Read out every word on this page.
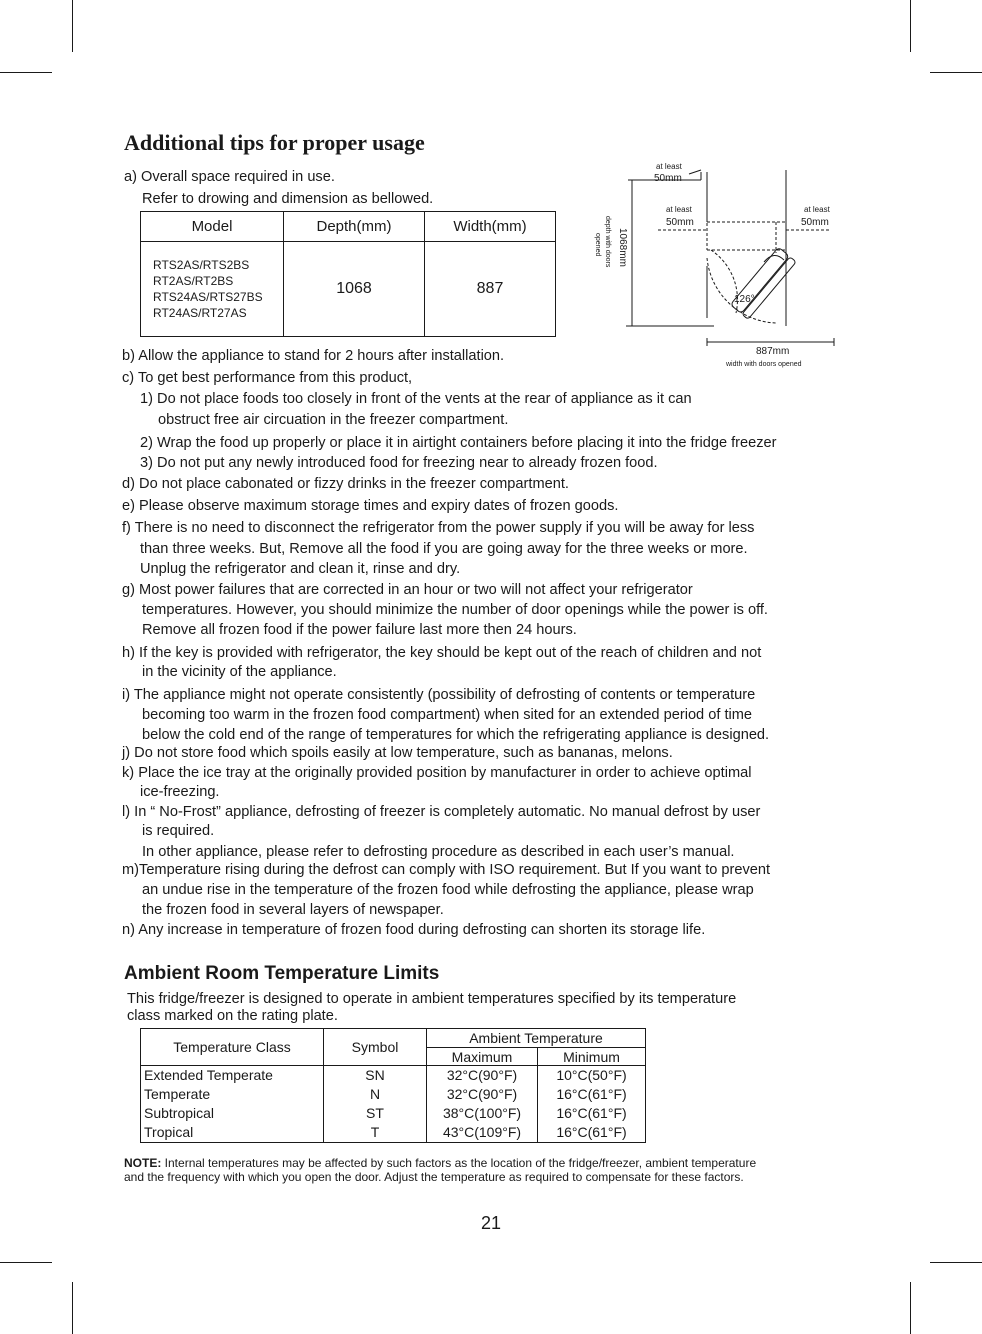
Additional tips for proper usage
a) Overall space required in use.
Refer to drowing and dimension as bellowed.
Model	Depth(mm)	Width(mm)

RTS2AS/RTS2BS
RT2AS/RT2BS
RTS24AS/RTS27BS
RT24AS/RT27AS	1068	887
at least
50mm
at least
50mm
at least
50mm
126°
887mm
width with doors opened
1068mm
depth with doors
opened
b) Allow the appliance to stand for 2 hours after installation.
c) To get best performance from this product,
1) Do not place foods too closely in front of the vents at the rear of appliance as it can
obstruct free air circuation in the freezer compartment.
2) Wrap the food up properly or place it in airtight containers before placing it into the fridge freezer
3) Do not put any newly introduced food for freezing near to already frozen food.
d) Do not place cabonated or fizzy drinks in the freezer compartment.
e) Please observe maximum storage times and expiry dates of frozen goods.
f) There is no need to disconnect the refrigerator from the power supply if you will be away for less
than three weeks. But, Remove all the food if you are going away for the three weeks or more.
Unplug the refrigerator and clean it, rinse and dry.
g) Most power failures that are corrected in an hour or two will not affect your refrigerator
temperatures. However, you should minimize the number of door openings while the power is off.
Remove all frozen food if the power failure last more then 24 hours.
h) If the key is provided with refrigerator, the key should be kept out of the reach of children and not
in the vicinity of the appliance.
i) The appliance might not operate consistently (possibility of defrosting of contents or temperature
becoming too warm in the frozen food compartment) when sited for an extended period of time
below the cold end of the range of temperatures for which the refrigerating appliance is designed.
j) Do not store food which spoils easily at low temperature, such as bananas, melons.
k) Place the ice tray at the originally provided position by manufacturer in order to achieve optimal
ice-freezing.
l) In “ No-Frost” appliance, defrosting of freezer is completely automatic. No manual defrost by user
is required.
In other appliance, please refer to defrosting procedure as described in each user’s manual.
m)Temperature rising during the defrost can comply with ISO requirement. But If you want to prevent
an undue rise in the temperature of the frozen food while defrosting the appliance, please wrap
the frozen food in several layers of newspaper.
n) Any increase in temperature of frozen food during defrosting can shorten its storage life.
Ambient Room Temperature Limits
This fridge/freezer is designed to operate in ambient temperatures specified by its temperature
class marked on the rating plate.
Temperature Class	Symbol	Ambient Temperature	
		Maximum	Minimum
Extended Temperate	SN	32°C(90°F)	10°C(50°F)
Temperate	N	32°C(90°F)	16°C(61°F)
Subtropical	ST	38°C(100°F)	16°C(61°F)
Tropical	T	43°C(109°F)	16°C(61°F)
NOTE: Internal temperatures may be affected by such factors as the location of the fridge/freezer, ambient temperature
and the frequency with which you open the door. Adjust the temperature as required to compensate for these factors.
21
